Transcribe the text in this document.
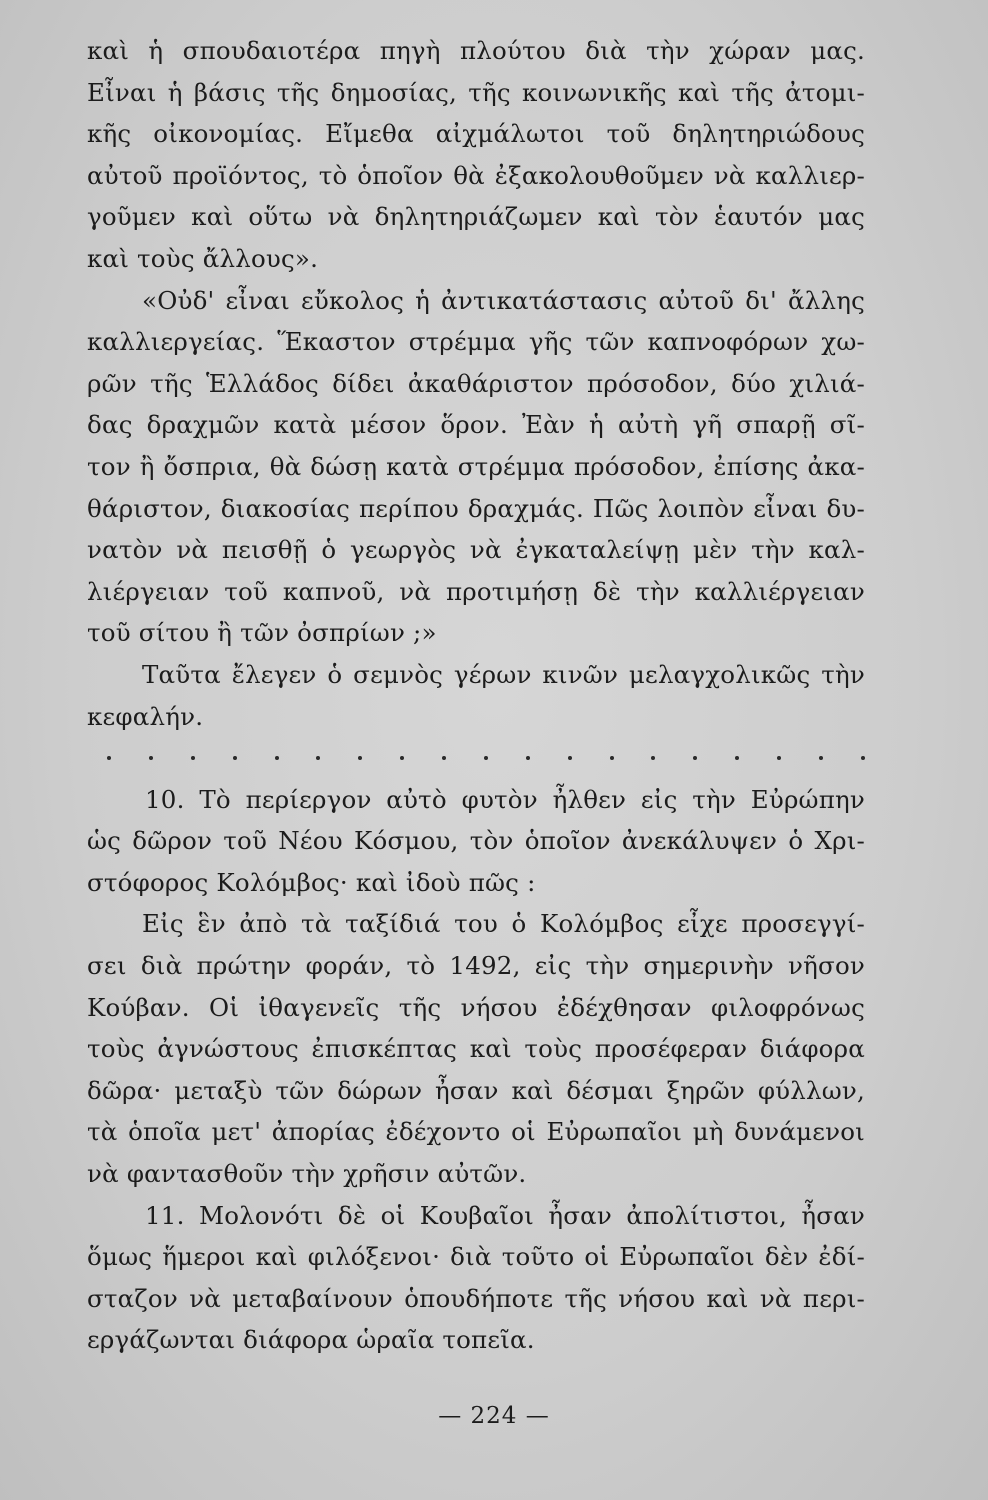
καὶ ἡ σπουδαιοτέρα πηγὴ πλούτου διὰ τὴν χώραν μας.
Εἶναι ἡ βάσις τῆς δημοσίας, τῆς κοινωνικῆς καὶ τῆς ἀτομι-
κῆς οἰκονομίας. Εἴμεθα αἰχμάλωτοι τοῦ δηλητηριώδους
αὐτοῦ προϊόντος, τὸ ὁποῖον θὰ ἐξακολουθοῦμεν νὰ καλλιερ-
γοῦμεν καὶ οὕτω νὰ δηλητηριάζωμεν καὶ τὸν ἑαυτόν μας
καὶ τοὺς ἄλλους».
«Οὐδ' εἶναι εὔκολος ἡ ἀντικατάστασις αὐτοῦ δι' ἄλλης
καλλιεργείας. Ἕκαστον στρέμμα γῆς τῶν καπνοφόρων χω-
ρῶν τῆς Ἑλλάδος δίδει ἀκαθάριστον πρόσοδον, δύο χιλιά-
δας δραχμῶν κατὰ μέσον ὅρον. Ἐὰν ἡ αὐτὴ γῆ σπαρῇ σῖ-
τον ἢ ὄσπρια, θὰ δώσῃ κατὰ στρέμμα πρόσοδον, ἐπίσης ἀκα-
θάριστον, διακοσίας περίπου δραχμάς. Πῶς λοιπὸν εἶναι δυ-
νατὸν νὰ πεισθῇ ὁ γεωργὸς νὰ ἐγκαταλείψῃ μὲν τὴν καλ-
λιέργειαν τοῦ καπνοῦ, νὰ προτιμήσῃ δὲ τὴν καλλιέργειαν
τοῦ σίτου ἢ τῶν ὀσπρίων ;»
Ταῦτα ἔλεγεν ὁ σεμνὸς γέρων κινῶν μελαγχολικῶς τὴν
κεφαλήν.
10. Τὸ περίεργον αὐτὸ φυτὸν ἦλθεν εἰς τὴν Εὐρώπην
ὡς δῶρον τοῦ Νέου Κόσμου, τὸν ὁποῖον ἀνεκάλυψεν ὁ Χρι-
στόφορος Κολόμβος· καὶ ἰδοὺ πῶς :
Εἰς ἓν ἀπὸ τὰ ταξίδιά του ὁ Κολόμβος εἶχε προσεγγί-
σει διὰ πρώτην φοράν, τὸ 1492, εἰς τὴν σημερινὴν νῆσον
Κούβαν. Οἱ ἰθαγενεῖς τῆς νήσου ἐδέχθησαν φιλοφρόνως
τοὺς ἀγνώστους ἐπισκέπτας καὶ τοὺς προσέφεραν διάφορα
δῶρα· μεταξὺ τῶν δώρων ἦσαν καὶ δέσμαι ξηρῶν φύλλων,
τὰ ὁποῖα μετ' ἀπορίας ἐδέχοντο οἱ Εὐρωπαῖοι μὴ δυνάμενοι
νὰ φαντασθοῦν τὴν χρῆσιν αὐτῶν.
11. Μολονότι δὲ οἱ Κουβαῖοι ἦσαν ἀπολίτιστοι, ἦσαν
ὅμως ἥμεροι καὶ φιλόξενοι· διὰ τοῦτο οἱ Εὐρωπαῖοι δὲν ἐδί-
σταζον νὰ μεταβαίνουν ὁπουδήποτε τῆς νήσου καὶ νὰ περι-
εργάζωνται διάφορα ὡραῖα τοπεῖα.
— 224 —
